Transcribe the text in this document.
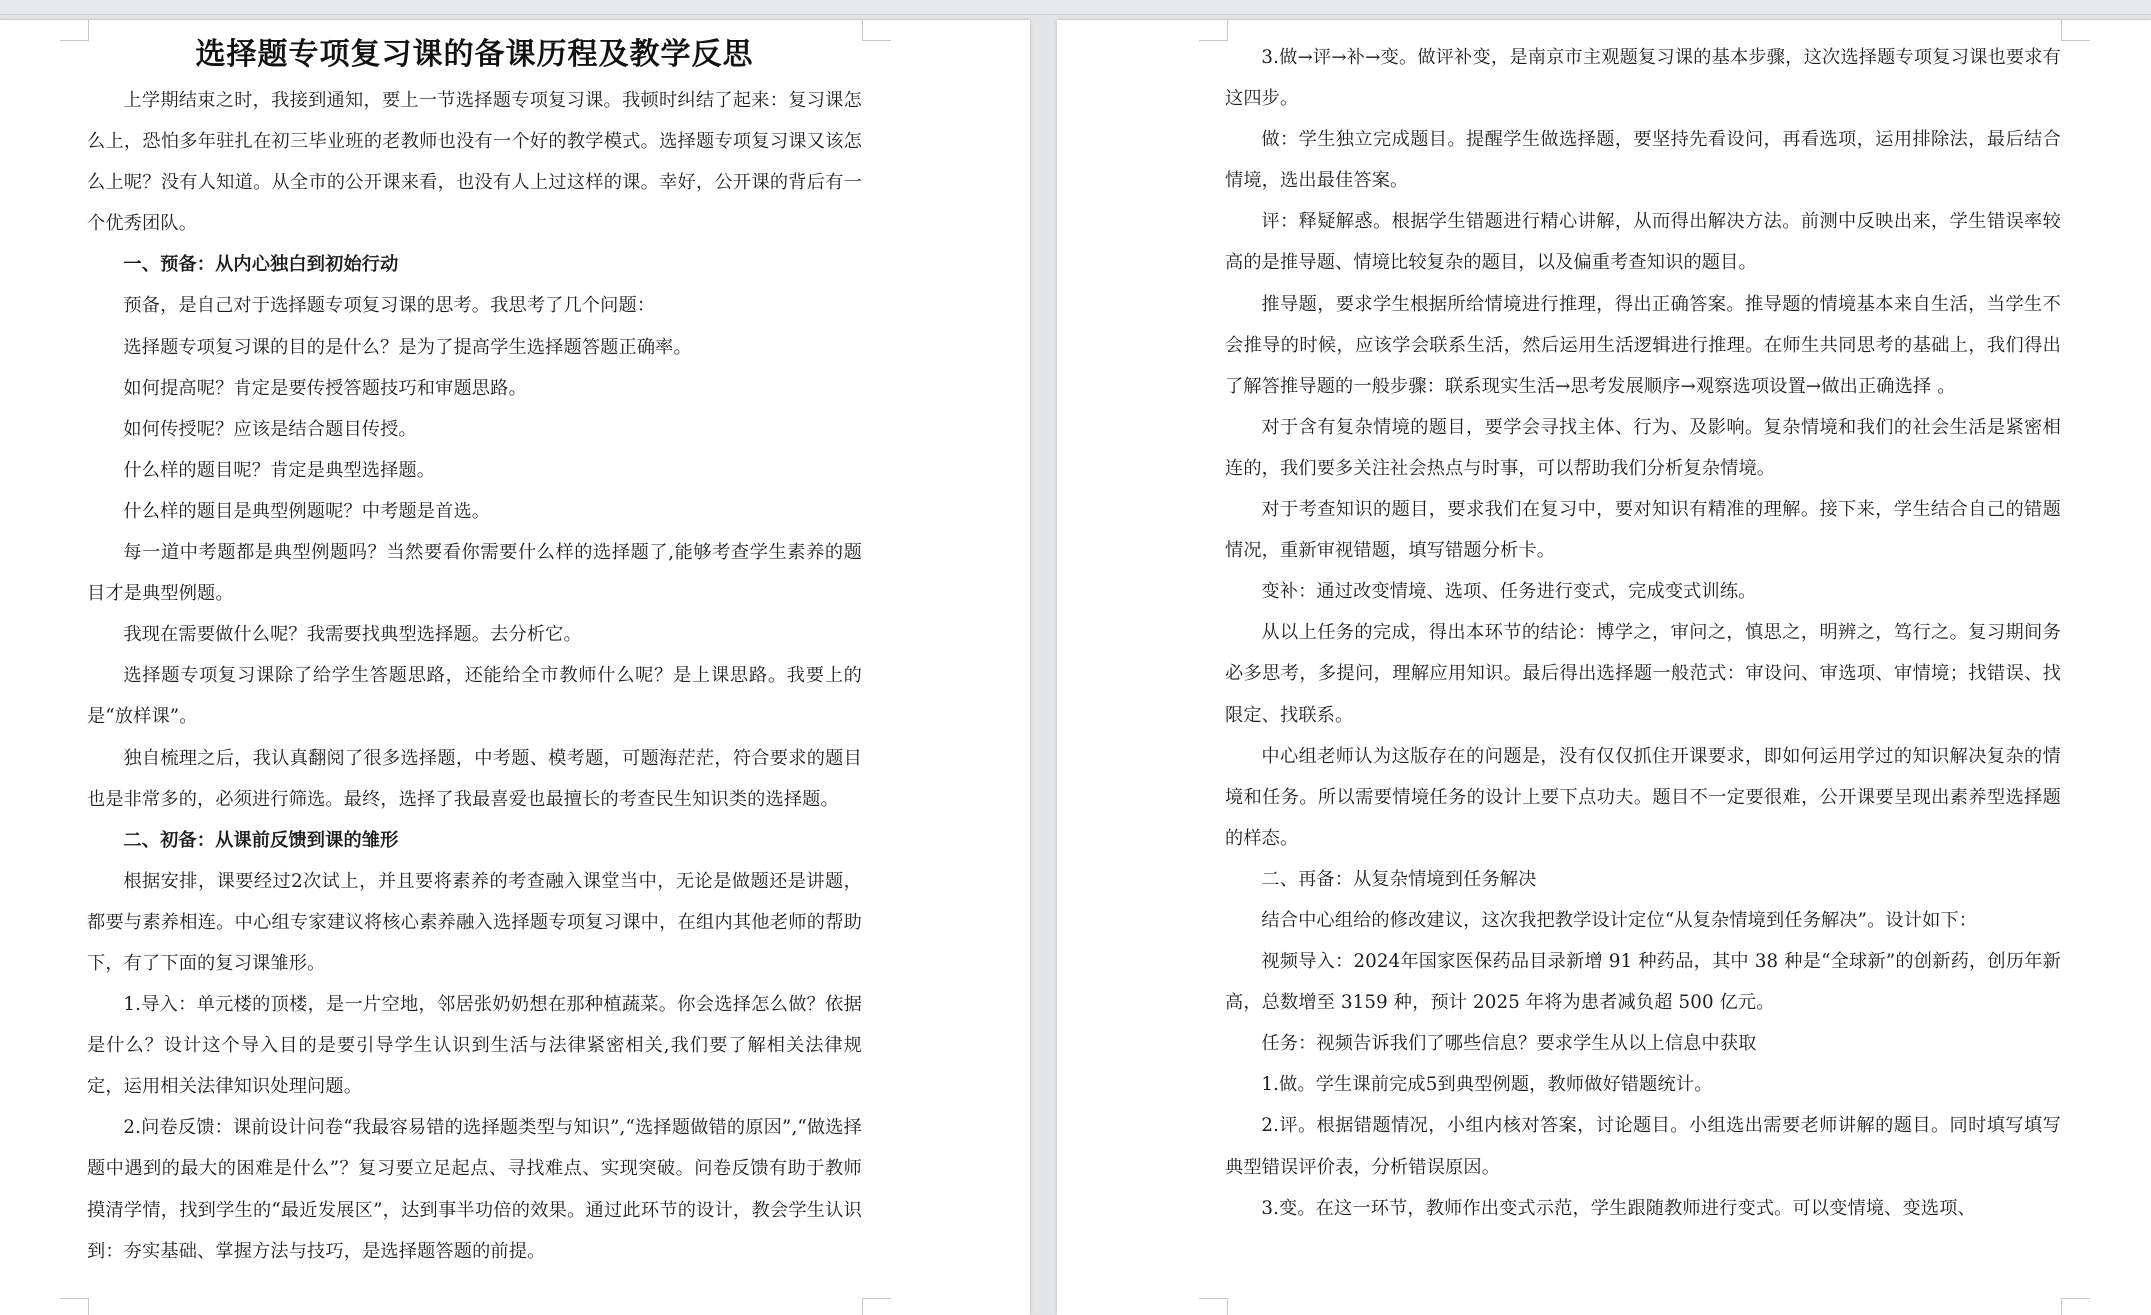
选择题专项复习课的备课历程及教学反思

上学期结束之时，我接到通知，要上一节选择题专项复习课。我顿时纠结了起来：复习课怎么上，恐怕多年驻扎在初三毕业班的老教师也没有一个好的教学模式。选择题专项复习课又该怎么上呢？没有人知道。从全市的公开课来看，也没有人上过这样的课。幸好，公开课的背后有一个优秀团队。

一、预备：从内心独白到初始行动

预备，是自己对于选择题专项复习课的思考。我思考了几个问题：

选择题专项复习课的目的是什么？是为了提高学生选择题答题正确率。

如何提高呢？肯定是要传授答题技巧和审题思路。

如何传授呢？应该是结合题目传授。

什么样的题目呢？肯定是典型选择题。

什么样的题目是典型例题呢？中考题是首选。

每一道中考题都是典型例题吗？当然要看你需要什么样的选择题了,能够考查学生素养的题目才是典型例题。

我现在需要做什么呢？我需要找典型选择题。去分析它。

选择题专项复习课除了给学生答题思路，还能给全市教师什么呢？是上课思路。我要上的是“放样课”。

独自梳理之后，我认真翻阅了很多选择题，中考题、模考题，可题海茫茫，符合要求的题目也是非常多的，必须进行筛选。最终，选择了我最喜爱也最擅长的考查民生知识类的选择题。

二、初备：从课前反馈到课的雏形

根据安排，课要经过2次试上，并且要将素养的考查融入课堂当中，无论是做题还是讲题，都要与素养相连。中心组专家建议将核心素养融入选择题专项复习课中，在组内其他老师的帮助下，有了下面的复习课雏形。

1.导入：单元楼的顶楼，是一片空地，邻居张奶奶想在那种植蔬菜。你会选择怎么做？依据是什么？设计这个导入目的是要引导学生认识到生活与法律紧密相关,我们要了解相关法律规定，运用相关法律知识处理问题。

2.问卷反馈：课前设计问卷“我最容易错的选择题类型与知识”,“选择题做错的原因”,“做选择题中遇到的最大的困难是什么”？复习要立足起点、寻找难点、实现突破。问卷反馈有助于教师摸清学情，找到学生的“最近发展区”，达到事半功倍的效果。通过此环节的设计，教会学生认识到：夯实基础、掌握方法与技巧，是选择题答题的前提。

3.做→评→补→变。做评补变，是南京市主观题复习课的基本步骤，这次选择题专项复习课也要求有这四步。

做：学生独立完成题目。提醒学生做选择题，要坚持先看设问，再看选项，运用排除法，最后结合情境，选出最佳答案。

评：释疑解惑。根据学生错题进行精心讲解，从而得出解决方法。前测中反映出来，学生错误率较高的是推导题、情境比较复杂的题目，以及偏重考查知识的题目。

推导题，要求学生根据所给情境进行推理，得出正确答案。推导题的情境基本来自生活，当学生不会推导的时候，应该学会联系生活，然后运用生活逻辑进行推理。在师生共同思考的基础上，我们得出了解答推导题的一般步骤：联系现实生活→思考发展顺序→观察选项设置→做出正确选择 。

对于含有复杂情境的题目，要学会寻找主体、行为、及影响。复杂情境和我们的社会生活是紧密相连的，我们要多关注社会热点与时事，可以帮助我们分析复杂情境。

对于考查知识的题目，要求我们在复习中，要对知识有精准的理解。接下来，学生结合自己的错题情况，重新审视错题，填写错题分析卡。

变补：通过改变情境、选项、任务进行变式，完成变式训练。

从以上任务的完成，得出本环节的结论：博学之，审问之，慎思之，明辨之，笃行之。复习期间务必多思考，多提问，理解应用知识。最后得出选择题一般范式：审设问、审选项、审情境；找错误、找限定、找联系。

中心组老师认为这版存在的问题是，没有仅仅抓住开课要求，即如何运用学过的知识解决复杂的情境和任务。所以需要情境任务的设计上要下点功夫。题目不一定要很难，公开课要呈现出素养型选择题的样态。

二、再备：从复杂情境到任务解决

结合中心组给的修改建议，这次我把教学设计定位“从复杂情境到任务解决”。设计如下：

视频导入：2024年国家医保药品目录新增 91 种药品，其中 38 种是“全球新”的创新药，创历年新高，总数增至 3159 种，预计 2025 年将为患者减负超 500 亿元。

任务：视频告诉我们了哪些信息？要求学生从以上信息中获取

1.做。学生课前完成5到典型例题，教师做好错题统计。

2.评。根据错题情况，小组内核对答案，讨论题目。小组选出需要老师讲解的题目。同时填写填写典型错误评价表，分析错误原因。

3.变。在这一环节，教师作出变式示范，学生跟随教师进行变式。可以变情境、变选项、
